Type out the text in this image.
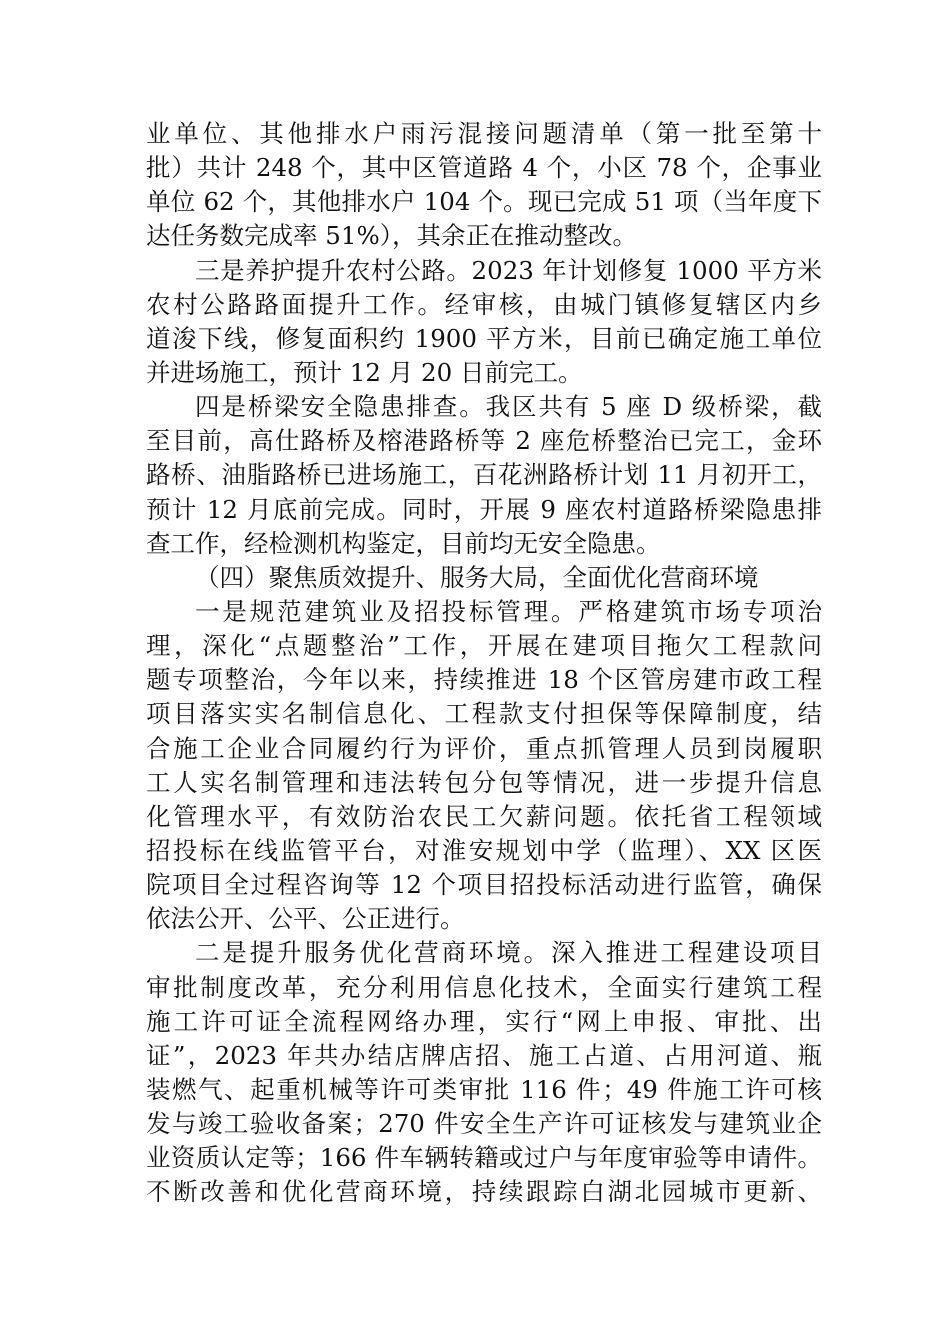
业单位、其他排水户雨污混接问题清单（第一批至第十
批）共计 248 个，其中区管道路 4 个，小区 78 个，企事业
单位 62 个，其他排水户 104 个。现已完成 51 项（当年度下
达任务数完成率 51%），其余正在推动整改。
三是养护提升农村公路。2023 年计划修复 1000 平方米
农村公路路面提升工作。经审核，由城门镇修复辖区内乡
道浚下线，修复面积约 1900 平方米，目前已确定施工单位
并进场施工，预计 12 月 20 日前完工。
四是桥梁安全隐患排查。我区共有 5 座 D 级桥梁，截
至目前，高仕路桥及榕港路桥等 2 座危桥整治已完工，金环
路桥、油脂路桥已进场施工，百花洲路桥计划 11 月初开工，
预计 12 月底前完成。同时，开展 9 座农村道路桥梁隐患排
查工作，经检测机构鉴定，目前均无安全隐患。
（四）聚焦质效提升、服务大局，全面优化营商环境
一是规范建筑业及招投标管理。严格建筑市场专项治
理，深化“点题整治”工作，开展在建项目拖欠工程款问
题专项整治，今年以来，持续推进 18 个区管房建市政工程
项目落实实名制信息化、工程款支付担保等保障制度，结
合施工企业合同履约行为评价，重点抓管理人员到岗履职
工人实名制管理和违法转包分包等情况，进一步提升信息
化管理水平，有效防治农民工欠薪问题。依托省工程领域
招投标在线监管平台，对淮安规划中学（监理）、XX 区医
院项目全过程咨询等 12 个项目招投标活动进行监管，确保
依法公开、公平、公正进行。
二是提升服务优化营商环境。深入推进工程建设项目
审批制度改革，充分利用信息化技术，全面实行建筑工程
施工许可证全流程网络办理，实行“网上申报、审批、出
证”，2023 年共办结店牌店招、施工占道、占用河道、瓶
装燃气、起重机械等许可类审批 116 件；49 件施工许可核
发与竣工验收备案；270 件安全生产许可证核发与建筑业企
业资质认定等；166 件车辆转籍或过户与年度审验等申请件。
不断改善和优化营商环境，持续跟踪白湖北园城市更新、
